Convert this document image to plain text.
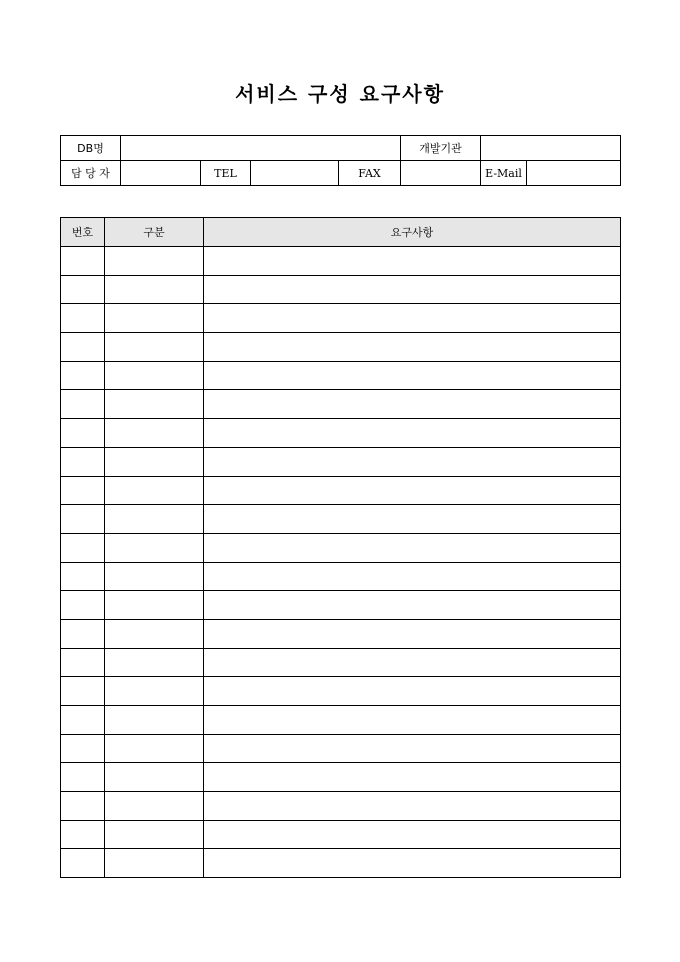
서비스 구성 요구사항
DB명					개발기관		
담 당 자		TEL		FAX		E-Mail	
번호	구분	요구사항
